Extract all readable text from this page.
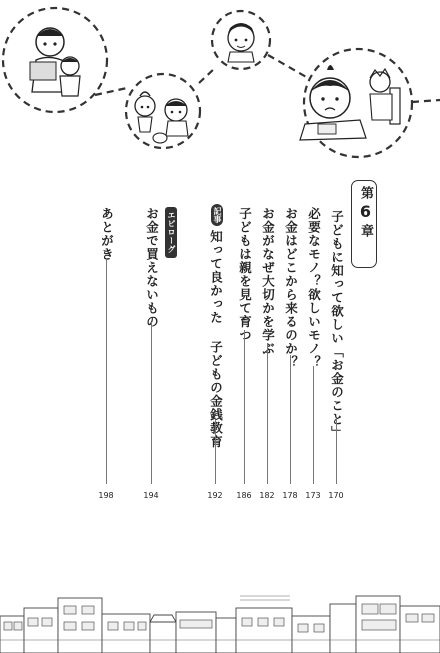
第6章
子どもに知って欲しい「お金のこと」
170
必要なモノ？欲しいモノ？
173
お金はどこから来るのか？
178
お金がなぜ大切かを学ぶ
182
子どもは親を見て育つ
186
記事
知って良かった 子どもの金銭教育
192
エピローグ
お金で買えないもの
194
あとがき
198
